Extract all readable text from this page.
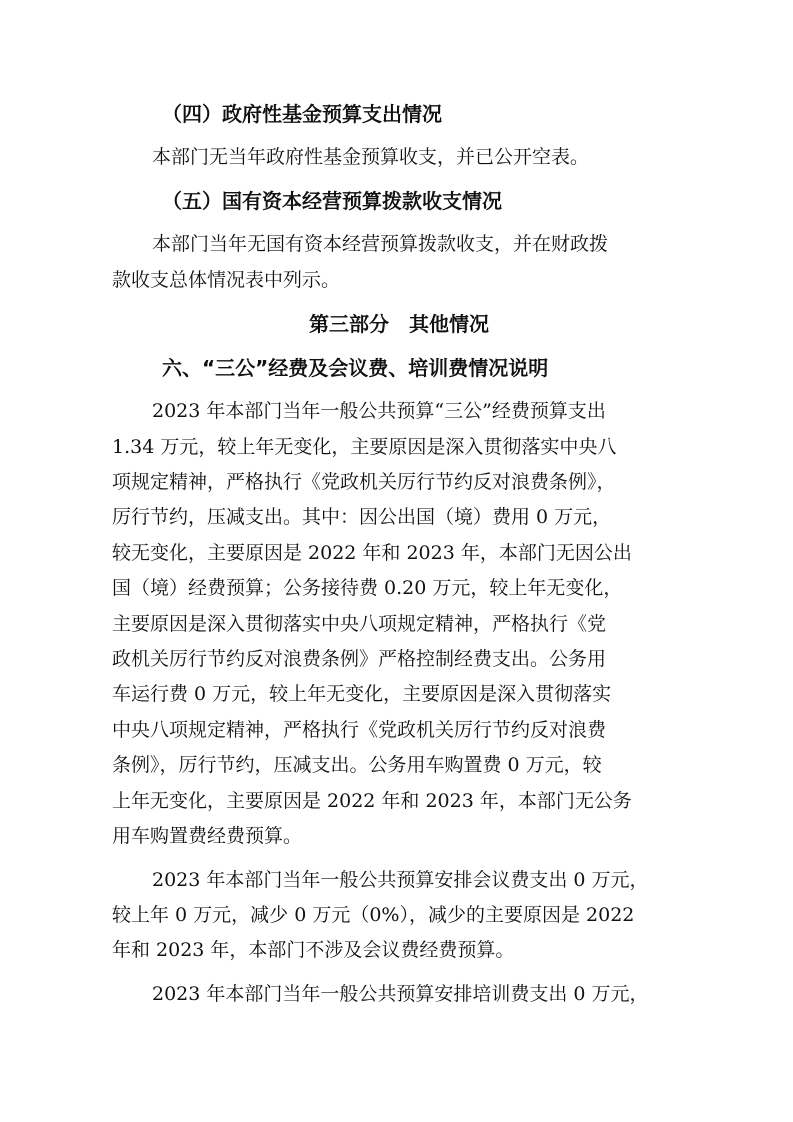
（四）政府性基金预算支出情况
本部门无当年政府性基金预算收支，并已公开空表。
（五）国有资本经营预算拨款收支情况
本部门当年无国有资本经营预算拨款收支，并在财政拨
款收支总体情况表中列示。
第三部分　其他情况
六、“三公”经费及会议费、培训费情况说明
2023 年本部门当年一般公共预算“三公”经费预算支出
1.34 万元，较上年无变化，主要原因是深入贯彻落实中央八
项规定精神，严格执行《党政机关厉行节约反对浪费条例》，
厉行节约，压减支出。其中：因公出国（境）费用 0 万元，
较无变化，主要原因是 2022 年和 2023 年，本部门无因公出
国（境）经费预算；公务接待费 0.20 万元，较上年无变化，
主要原因是深入贯彻落实中央八项规定精神，严格执行《党
政机关厉行节约反对浪费条例》严格控制经费支出。公务用
车运行费 0 万元，较上年无变化，主要原因是深入贯彻落实
中央八项规定精神，严格执行《党政机关厉行节约反对浪费
条例》，厉行节约，压减支出。公务用车购置费 0 万元，较
上年无变化，主要原因是 2022 年和 2023 年，本部门无公务
用车购置费经费预算。
2023 年本部门当年一般公共预算安排会议费支出 0 万元，
较上年 0 万元，减少 0 万元（0%），减少的主要原因是 2022
年和 2023 年，本部门不涉及会议费经费预算。
2023 年本部门当年一般公共预算安排培训费支出 0 万元，
